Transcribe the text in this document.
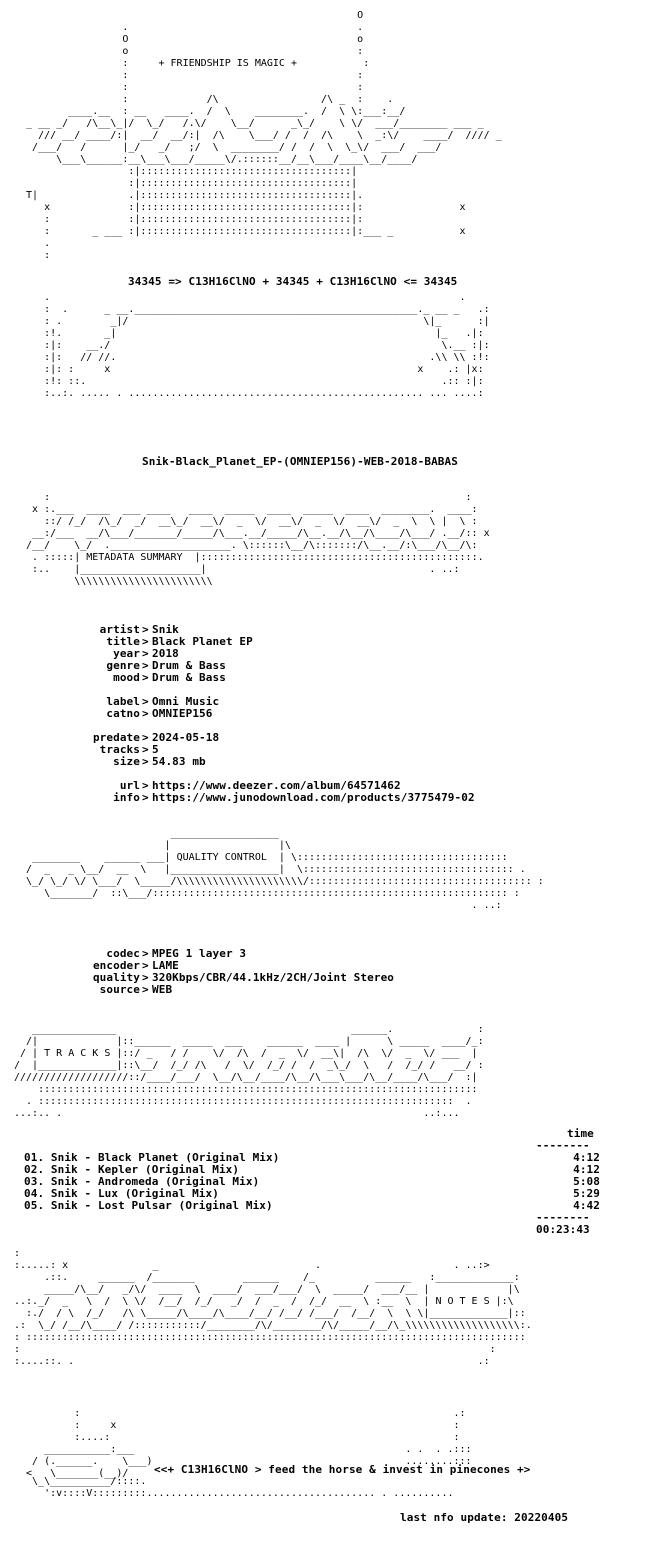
O
.                                      .
O                                      o
o                                      :
:	+ FRIENDSHIP IS MAGIC +	:
:                                      :
:                                      :
:             /\                 /\ _  :    .
____.__  : __   ____.  /  \    ________.  /  \ \:___:__/
_ __ _/   /\__\_|/  \_/   /.\/    \__/      _\_/    \ \/  ___/________ ___ _
/// __/ ____/:|  __/  __/:|  /\    \___/ /  /  /\    \  _:\/    ____/  //// _
/___/   /      |_/   _/   ;/  \  ________/ /  /  \  \_\/  ___/  ___/
\___\______:__\___\___/_____\/.::::::__/__\___/____\__/____/
:|:::::::::::::::::::::::::::::::::::|
:|:::::::::::::::::::::::::::::::::::|
T|               .|:::::::::::::::::::::::::::::::::::|.
x             :|:::::::::::::::::::::::::::::::::::|:                x
:             :|:::::::::::::::::::::::::::::::::::|:
:       _ ___ :|:::::::::::::::::::::::::::::::::::|:___ _           x
.
:
34345 => C13H16ClNO + 34345 + C13H16ClNO <= 34345
.                                                                    .
:  .      _ __._______________________________________________._ __ _   .:
: .        _|/                                                 \|_      :|
:!.       _|                                                     |_   .|:
:|:    __./                                                       \.__ :|:
:|:   // //.                                                    .\\ \\ :!:
:|: :     x                                                   x    .: |x:
:!: ::.                                                           .:: :|:
:..:. ..... . ................................................. ... ....:
Snik-Black_Planet_EP-(OMNIEP156)-WEB-2018-BABAS
:                                                                     :
x :.___  ____  ___ ____   ____  _____  ____  _____  ____  ________.  ____:
::/ /_/  /\_/  _/  __\_/  __\/  _  \/  __\/  _  \/  __\/  _  \  \ |  \ :
__:/___  __/\___/_______/_____/\___.__/_____/\__.__/\__/\____/\___/ .__/:: x
/__/    \_/  .____________________. \::::::\__/\:::::::/\__.__/:\___/\__/\:
. :::::| METADATA SUMMARY  |::::::::::::::::::::::::::::::::::::::::::::::.
:..    |____________________|                                     . ..:
\\\\\\\\\\\\\\\\\\\\\\\
artist > Snik
title > Black Planet EP
year > 2018
genre > Drum & Bass
mood > Drum & Bass
label > Omni Music
catno > OMNIEP156
predate > 2024-05-18
tracks > 5
size > 54.83 mb
url > https://www.deezer.com/album/64571462
info > https://www.junodownload.com/products/3775479-02
__________________
|                  |\
________    ______ ___| QUALITY CONTROL  | \:::::::::::::::::::::::::::::::::::
/  _   _ \__/  __  \   |__________________|  \::::::::::::::::::::::::::::::::::: .
\_/ \_/ \/ \___/  \_____/\\\\\\\\\\\\\\\\\\\\\/::::::::::::::::::::::::::::::::::::: :
\_______/  ::\___/::::::::::::::::::::::::::::::::::::::::::::::::::::::::::: :
. ..:
codec > MPEG 1 layer 3
encoder > LAME
quality > 320Kbps/CBR/44.1kHz/2CH/Joint Stereo
source > WEB
______________                                       ______.              :
/|             |::______  _____  ___    ______  ____ |      \ _____  ____/_:
/ | T R A C K S |::/ _   / /    \/  /\  /  _  \/  __\|  /\  \/  _  \/ ___  |
/  |_____________|::\__/  /_/ /\   /  \/  /_/ /  /  _\_/  \   /  /_/ /   __/ :
///////////////////::/____/___/  \__/\__/____/\__/\___\___/\__/____/\___/  :|
:::::::::::::::::::::::::::::::::::::::::::::::::::::::::::::::::::::::::
. :::::::::::::::::::::::::::::::::::::::::::::::::::::::::::::::::::::  .
...:.. .                                                            ..:...
time
--------
01. Snik - Black Planet (Original Mix)	4:12
02. Snik - Kepler (Original Mix)	4:12
03. Snik - Andromeda (Original Mix)	5:08
04. Snik - Lux (Original Mix)	5:29
05. Snik - Lost Pulsar (Original Mix)	4:42
--------
00:23:43
:
:.....: x              _                          .                      . ..:>
.::.     ______  /_______        ______    /_          ______   :_____________:
_____/\__/   _/\/  ____  \  ____/  ___/___/  \  _____/  ___/__ |             |\
..:._/  _   \  /  \ \/  /__/  /_/   _/  /  _  /  /_/  __  \ :__  \  | N O T E S |:\
:./  / \  /_/   /\ \_____/\____/\____/__/ /__/ /___/  /__/  \  \ \|_____________|::
.:  \_/ /__/\____/ /:::::::::::/________/\/________/\/_____/__/\_\\\\\\\\\\\\\\\\\\\:.
: :::::::::::::::::::::::::::::::::::::::::::::::::::::::::::::::::::::::::::::::::::
:                                                                              :
:....::. .                                                                   .:
:                                                              .:
:     x                                                        :
:....:                                                         :
___________:___                                             . .  . .:::
/ (.______.    \___)                                          ........:::
<   \_______(__)/	<<+ C13H16ClNO > feed the horse & invest in pinecones +>
\_\__________/::::.
':v::::V:::::::::...................................... . ..........
last nfo update: 20220405
